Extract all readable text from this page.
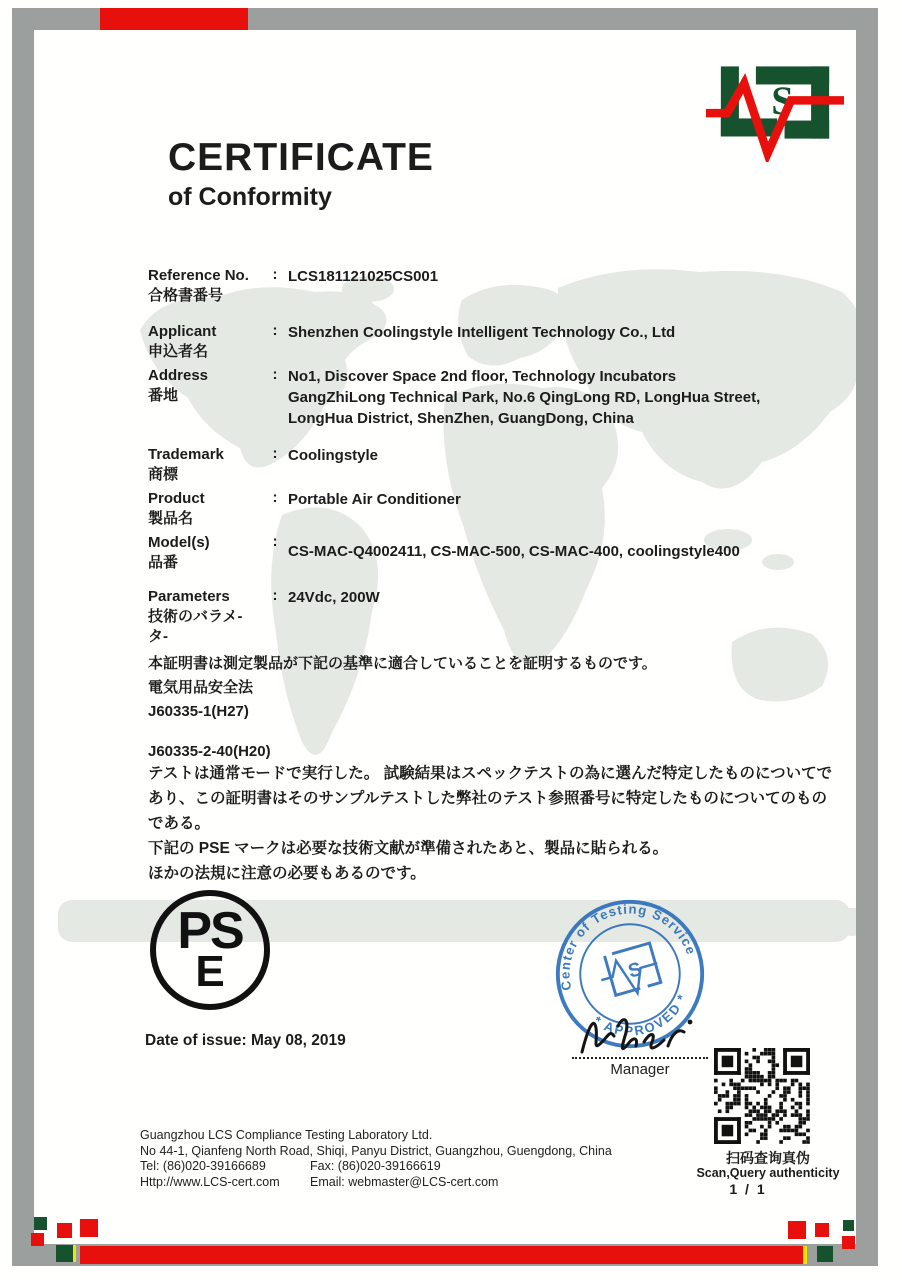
S
CERTIFICATE
of Conformity
Reference No.
合格書番号
: LCS181121025CS001
Applicant
申込者名
: Shenzhen Coolingstyle Intelligent Technology Co., Ltd
Address
番地
: No1, Discover Space 2nd floor, Technology Incubators
GangZhiLong Technical Park, No.6 QingLong RD, LongHua Street,
LongHua District, ShenZhen, GuangDong, China
Trademark
商標
: Coolingstyle
Product
製品名
: Portable Air Conditioner
Model(s)
品番
:
CS-MAC-Q4002411, CS-MAC-500, CS-MAC-400, coolingstyle400
Parameters
技術のバラメ-
タ-
: 24Vdc, 200W
本証明書は測定製品が下記の基準に適合していることを証明するものです。
電気用品安全法
J60335-1(H27)
J60335-2-40(H20)
テストは通常モードで実行した。 試験結果はスペックテストの為に選んだ特定したものについてであり、この証明書はそのサンプルテストした弊社のテスト参照番号に特定したものについてのものである。
下記の PSE マークは必要な技術文献が準備されたあと、製品に貼られる。
ほかの法規に注意の必要もあるのです。
PS
E	Center of Testing Service
* APPROVED *
S
Manager
Date of issue: May 08, 2019
扫码查询真伪
Scan,Query authenticity
1 / 1
Guangzhou LCS Compliance Testing Laboratory Ltd.
No 44-1, Qianfeng North Road, Shiqi, Panyu District, Guangzhou, Guengdong, China
Tel: (86)020-39166689	Fax: (86)020-39166619
Http://www.LCS-cert.com	Email: webmaster@LCS-cert.com
